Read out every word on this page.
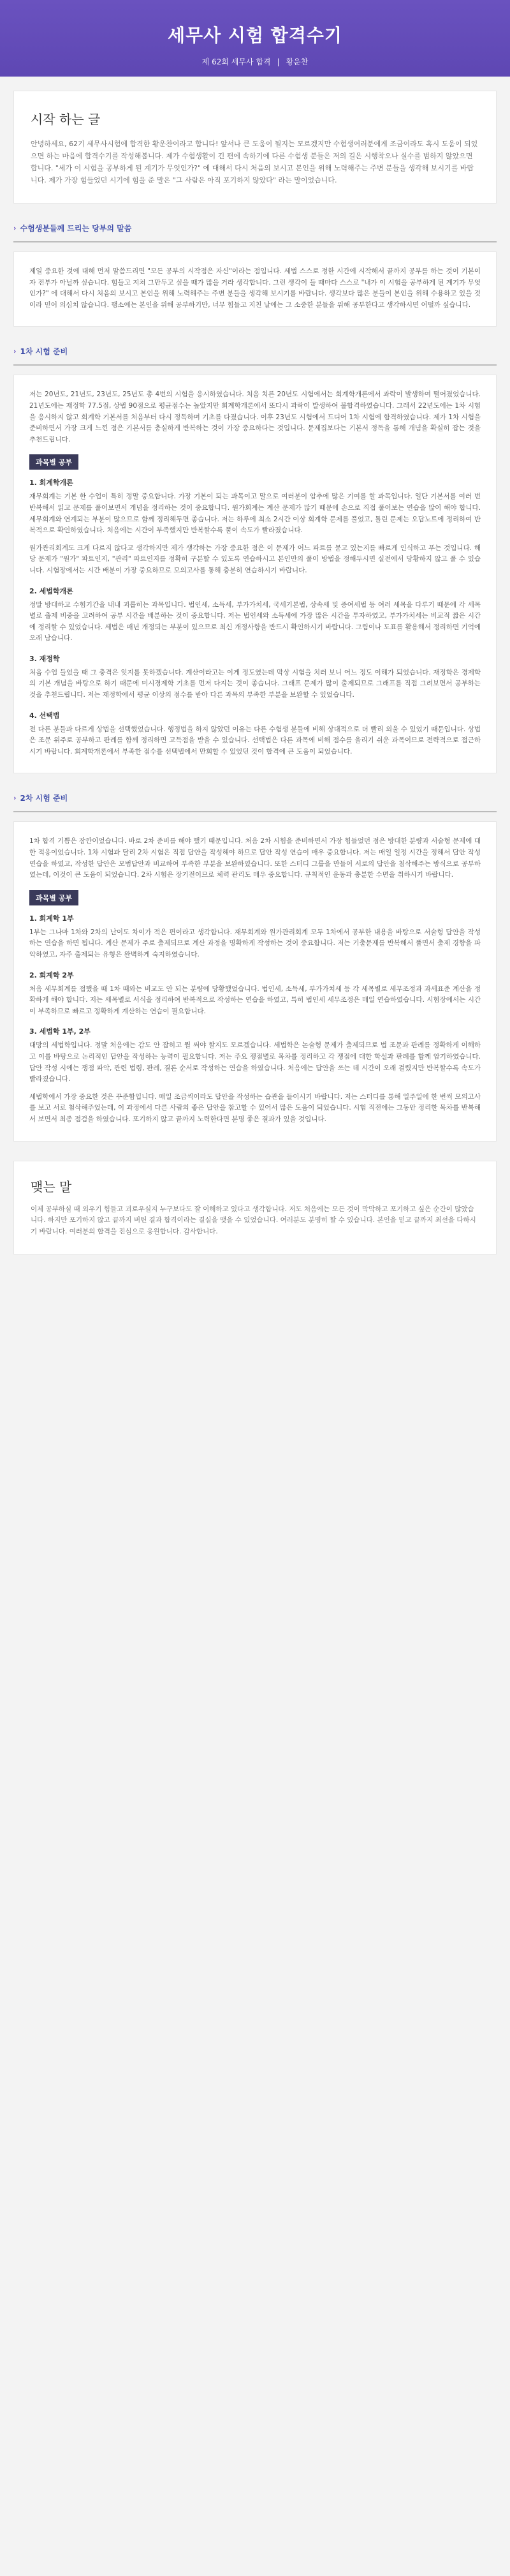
세무사 시험 합격수기
제 62회 세무사 합격 | 황운찬
시작 하는 글

안녕하세요, 62기 세무사시험에 합격한 황운찬이라고 합니다! 앞서나 큰 도움이 될지는 모르겠지만 수험생여러분에게 조금이라도 혹시 도움이 되었으면 하는 마음에 합격수기를 작성해봅니다. 제가 수험생활이 긴 편에 속하기에 다른 수험생 분들은 저의 길은 시행착오나 실수를 범하지 않았으면 합니다. "세가 이 시험을 공부하게 된 계기가 무엇인가?" 에 대해서 다시 처음의 보시고 본인을 위해 노력해주는 주변 분들을 생각해 보시기를 바랍니다. 제가 가장 힘들었던 시기에 힘을 준 말은 "그 사람은 아직 포기하지 않았다" 라는 말이었습니다.

› 수험생분들께 드리는 당부의 말씀

제일 중요한 것에 대해 먼저 말씀드리면 "모든 공부의 시작점은 자신"이라는 점입니다. 세법 스스로 정한 시간에 시작해서 끝까지 공부를 하는 것이 기본이자 전부가 아닐까 싶습니다. 힘들고 지쳐 그만두고 싶을 때가 많을 거라 생각합니다. 그런 생각이 들 때마다 스스로 "내가 이 시험을 공부하게 된 계기가 무엇인가?" 에 대해서 다시 처음의 보시고 본인을 위해 노력해주는 주변 분들을 생각해 보시기를 바랍니다. 생각보다 많은 분들이 본인을 위해 수용하고 있을 것이라 믿어 의심치 않습니다. 행소에는 본인을 위해 공부하기만, 너무 힘들고 지친 날에는 그 소중한 분들을 위해 공부한다고 생각하시면 어떨까 싶습니다.

› 1차 시험 준비

저는 20년도, 21년도, 23년도, 25년도 총 4번의 시험을 응시하였습니다. 처음 치른 20년도 시험에서는 회계학개론에서 과락이 발생하여 떨어졌었습니다. 21년도에는 재정학 77.5점, 상법 90점으로 평균점수는 높았지만 회계학개론에서 또다시 과락이 발생하여 불합격하였습니다. 그래서 22년도에는 1차 시험을 응시하지 않고 회계학 기본서를 처음부터 다시 정독하며 기초를 다졌습니다. 이후 23년도 시험에서 드디어 1차 시험에 합격하였습니다. 제가 1차 시험을 준비하면서 가장 크게 느낀 점은 기본서를 충실하게 반복하는 것이 가장 중요하다는 것입니다. 문제집보다는 기본서 정독을 통해 개념을 확실히 잡는 것을 추천드립니다.

과목별 공부
1. 회계학개론

재무회계는 기본 한 수업이 특히 정말 중요합니다. 가장 기본이 되는 과목이고 말으로 여러분이 암추에 많은 기여를 할 과목입니다. 일단 기본서를 여러 번 반복해서 읽고 문제를 풀어보면서 개념을 정리하는 것이 중요합니다. 원가회계는 계산 문제가 많기 때문에 손으로 직접 풀어보는 연습을 많이 해야 합니다. 세무회계와 연계되는 부분이 많으므로 함께 정리해두면 좋습니다. 저는 하루에 최소 2시간 이상 회계학 문제를 풀었고, 틀린 문제는 오답노트에 정리하여 반복적으로 확인하였습니다. 처음에는 시간이 부족했지만 반복할수록 풀이 속도가 빨라졌습니다.

원가관리회계도 크게 다르지 않다고 생각하지만 제가 생각하는 가장 중요한 점은 이 문제가 어느 파트를 묻고 있는지를 빠르게 인식하고 푸는 것입니다. 해당 문제가 "원가" 파트인지, "관리" 파트인지를 정확히 구분할 수 있도록 연습하시고 본인만의 풀이 방법을 정해두시면 실전에서 당황하지 않고 풀 수 있습니다. 시험장에서는 시간 배분이 가장 중요하므로 모의고사를 통해 충분히 연습하시기 바랍니다.

2. 세법학개론

정말 방대하고 수험기간을 내내 괴롭히는 과목입니다. 법인세, 소득세, 부가가치세, 국세기본법, 상속세 및 증여세법 등 여러 세목을 다루기 때문에 각 세목별로 출제 비중을 고려하여 공부 시간을 배분하는 것이 중요합니다. 저는 법인세와 소득세에 가장 많은 시간을 투자하였고, 부가가치세는 비교적 짧은 시간에 정리할 수 있었습니다. 세법은 매년 개정되는 부분이 있으므로 최신 개정사항을 반드시 확인하시기 바랍니다. 그림이나 도표를 활용해서 정리하면 기억에 오래 남습니다.

3. 재정학

처음 수업 들었을 때 그 충격은 잊지를 못하겠습니다. 계산이라고는 이게 정도였는데 막상 시험을 치러 보니 어느 정도 이해가 되었습니다. 재정학은 경제학의 기본 개념을 바탕으로 하기 때문에 미시경제학 기초를 먼저 다지는 것이 좋습니다. 그래프 문제가 많이 출제되므로 그래프를 직접 그려보면서 공부하는 것을 추천드립니다. 저는 재정학에서 평균 이상의 점수를 받아 다른 과목의 부족한 부분을 보완할 수 있었습니다.

4. 선택법

전 다른 분들과 다르게 상법을 선택했었습니다. 행정법을 하지 않았던 이유는 다른 수험생 분들에 비해 상대적으로 더 빨리 외울 수 있었기 때문입니다. 상법은 조문 위주로 공부하고 판례를 함께 정리하면 고득점을 받을 수 있습니다. 선택법은 다른 과목에 비해 점수를 올리기 쉬운 과목이므로 전략적으로 접근하시기 바랍니다. 회계학개론에서 부족한 점수를 선택법에서 만회할 수 있었던 것이 합격에 큰 도움이 되었습니다.

› 2차 시험 준비

1차 합격 기쁨은 잠깐이었습니다. 바로 2차 준비를 해야 했기 때문입니다. 처음 2차 시험을 준비하면서 가장 힘들었던 점은 방대한 분량과 서술형 문제에 대한 적응이었습니다. 1차 시험과 달리 2차 시험은 직접 답안을 작성해야 하므로 답안 작성 연습이 매우 중요합니다. 저는 매일 일정 시간을 정해서 답안 작성 연습을 하였고, 작성한 답안은 모범답안과 비교하여 부족한 부분을 보완하였습니다. 또한 스터디 그룹을 만들어 서로의 답안을 첨삭해주는 방식으로 공부하였는데, 이것이 큰 도움이 되었습니다. 2차 시험은 장기전이므로 체력 관리도 매우 중요합니다. 규칙적인 운동과 충분한 수면을 취하시기 바랍니다.

과목별 공부
1. 회계학 1부

1부는 그나마 1차와 2차의 난이도 차이가 적은 편이라고 생각합니다. 재무회계와 원가관리회계 모두 1차에서 공부한 내용을 바탕으로 서술형 답안을 작성하는 연습을 하면 됩니다. 계산 문제가 주로 출제되므로 계산 과정을 명확하게 작성하는 것이 중요합니다. 저는 기출문제를 반복해서 풀면서 출제 경향을 파악하였고, 자주 출제되는 유형은 완벽하게 숙지하였습니다.

2. 회계학 2부

처음 세무회계를 접했을 때 1차 때와는 비교도 안 되는 분량에 당황했었습니다. 법인세, 소득세, 부가가치세 등 각 세목별로 세무조정과 과세표준 계산을 정확하게 해야 합니다. 저는 세목별로 서식을 정리하여 반복적으로 작성하는 연습을 하였고, 특히 법인세 세무조정은 매일 연습하였습니다. 시험장에서는 시간이 부족하므로 빠르고 정확하게 계산하는 연습이 필요합니다.

3. 세법학 1부, 2부

대망의 세법학입니다. 정말 처음에는 감도 안 잡히고 뭘 써야 할지도 모르겠습니다. 세법학은 논술형 문제가 출제되므로 법 조문과 판례를 정확하게 이해하고 이를 바탕으로 논리적인 답안을 작성하는 능력이 필요합니다. 저는 주요 쟁점별로 목차를 정리하고 각 쟁점에 대한 학설과 판례를 함께 암기하였습니다. 답안 작성 시에는 쟁점 파악, 관련 법령, 판례, 결론 순서로 작성하는 연습을 하였습니다. 처음에는 답안을 쓰는 데 시간이 오래 걸렸지만 반복할수록 속도가 빨라졌습니다.

세법학에서 가장 중요한 것은 꾸준함입니다. 매일 조금씩이라도 답안을 작성하는 습관을 들이시기 바랍니다. 저는 스터디를 통해 일주일에 한 번씩 모의고사를 보고 서로 첨삭해주었는데, 이 과정에서 다른 사람의 좋은 답안을 참고할 수 있어서 많은 도움이 되었습니다. 시험 직전에는 그동안 정리한 목차를 반복해서 보면서 최종 점검을 하였습니다. 포기하지 않고 끝까지 노력한다면 분명 좋은 결과가 있을 것입니다.

맺는 말

이제 공부하실 때 외우기 힘들고 괴로우실지 누구보다도 잘 이해하고 있다고 생각합니다. 저도 처음에는 모든 것이 막막하고 포기하고 싶은 순간이 많았습니다. 하지만 포기하지 않고 끝까지 버틴 결과 합격이라는 결실을 맺을 수 있었습니다. 여러분도 분명히 할 수 있습니다. 본인을 믿고 끝까지 최선을 다하시기 바랍니다. 여러분의 합격을 진심으로 응원합니다. 감사합니다.
